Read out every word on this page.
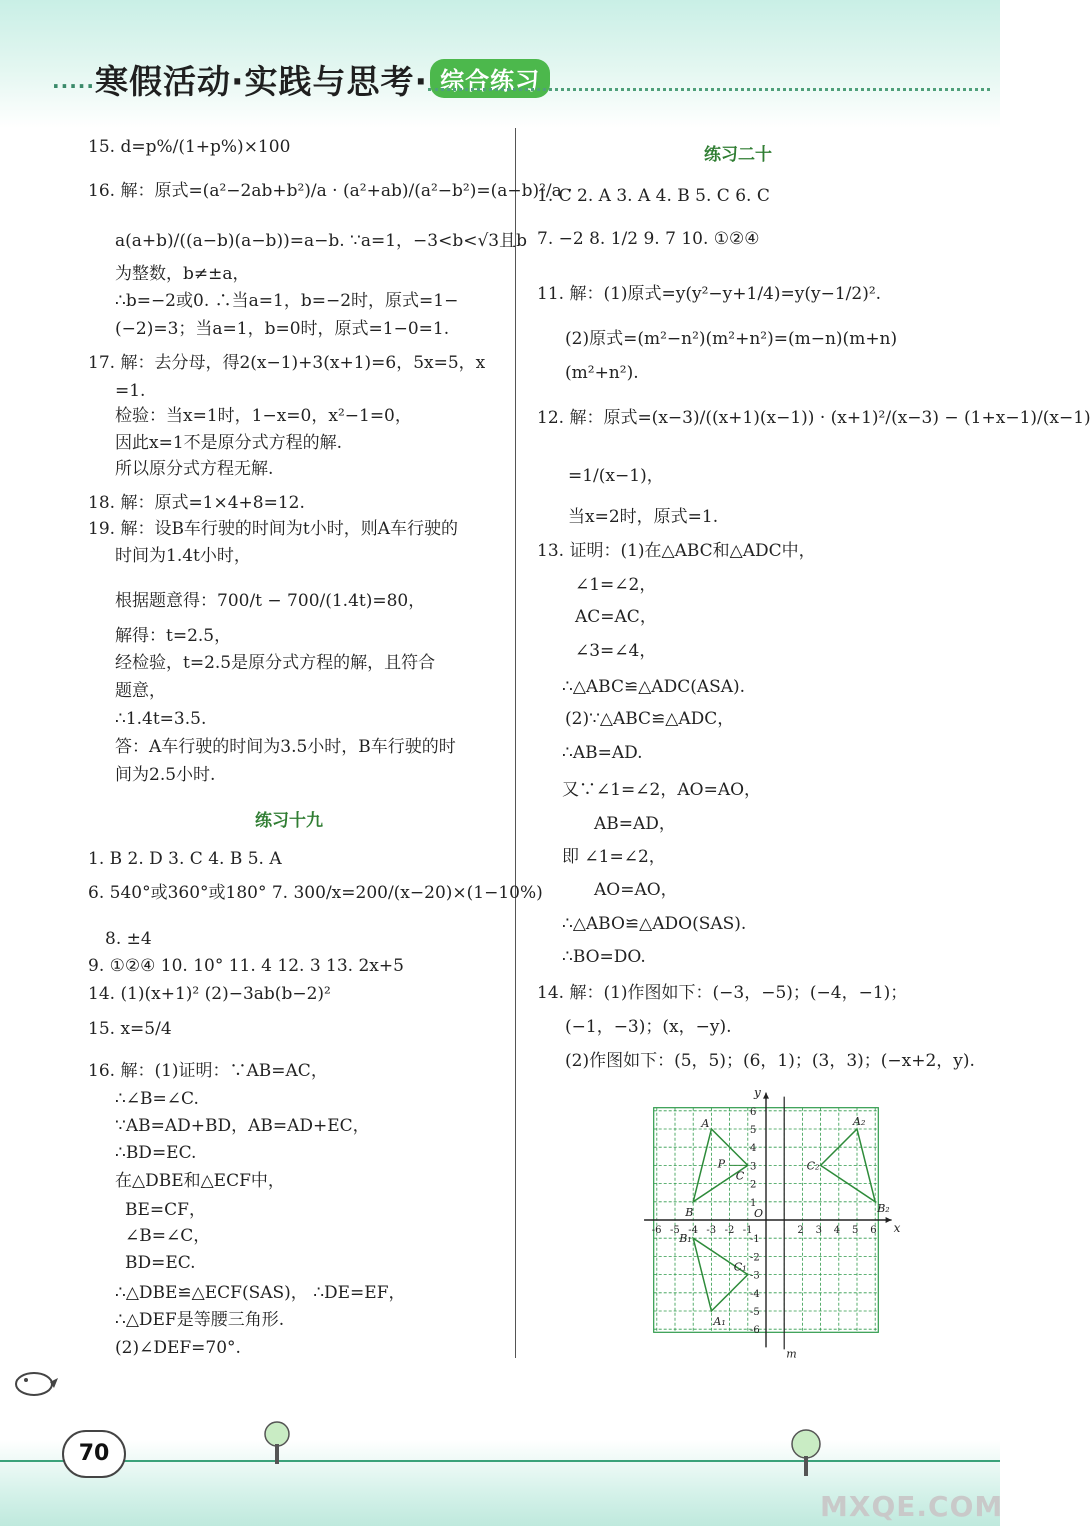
·····寒假活动·实践与思考· 综合练习
15. d=p%/(1+p%)×100
16. 解：原式=(a²−2ab+b²)/a · (a²+ab)/(a²−b²)=(a−b)²/a ·
a(a+b)/((a−b)(a−b))=a−b. ∵a=1，−3<b<√3且b
为整数，b≠±a，
∴b=−2或0. ∴当a=1，b=−2时，原式=1−
(−2)=3；当a=1，b=0时，原式=1−0=1.
17. 解：去分母，得2(x−1)+3(x+1)=6，5x=5，x
=1.
检验：当x=1时，1−x=0，x²−1=0，
因此x=1不是原分式方程的解.
所以原分式方程无解.
18. 解：原式=1×4+8=12.
19. 解：设B车行驶的时间为t小时，则A车行驶的
时间为1.4t小时，
根据题意得：700/t − 700/(1.4t)=80，
解得：t=2.5，
经检验，t=2.5是原分式方程的解，且符合
题意，
∴1.4t=3.5.
答：A车行驶的时间为3.5小时，B车行驶的时
间为2.5小时.
练习十九
1. B 2. D 3. C 4. B 5. A
6. 540°或360°或180° 7. 300/x=200/(x−20)×(1−10%)
8. ±4
9. ①②④ 10. 10° 11. 4 12. 3 13. 2x+5
14. (1)(x+1)² (2)−3ab(b−2)²
15. x=5/4
16. 解：(1)证明：∵AB=AC，
∴∠B=∠C.
∵AB=AD+BD，AB=AD+EC，
∴BD=EC.
在△DBE和△ECF中，
BE=CF，
∠B=∠C，
BD=EC.
∴△DBE≌△ECF(SAS)， ∴DE=EF，
∴△DEF是等腰三角形.
(2)∠DEF=70°.
练习二十
1. C 2. A 3. A 4. B 5. C 6. C
7. −2 8. 1/2 9. 7 10. ①②④
11. 解：(1)原式=y(y²−y+1/4)=y(y−1/2)².
(2)原式=(m²−n²)(m²+n²)=(m−n)(m+n)
(m²+n²).
12. 解：原式=(x−3)/((x+1)(x−1)) · (x+1)²/(x−3) − (1+x−1)/(x−1)
=1/(x−1)，
当x=2时，原式=1.
13. 证明：(1)在△ABC和△ADC中，
∠1=∠2，
AC=AC，
∠3=∠4，
∴△ABC≌△ADC(ASA).
(2)∵△ABC≌△ADC，
∴AB=AD.
又∵∠1=∠2，AO=AO，
AB=AD，
即 ∠1=∠2，
AO=AO，
∴△ABO≌△ADO(SAS).
∴BO=DO.
14. 解：(1)作图如下：(−3，−5)；(−4，−1)；
(−1，−3)；(x，−y).
(2)作图如下：(5，5)；(6，1)；(3，3)；(−x+2，y).
m
x
y
O
-6 -5 -4 -3 -2 -1	2 3 4 5 6
6
5
4
3
2
1
-1
-2
-3
-4
-5
-6
A
B
C
P
A₂
B₂
C₂
A₁
B₁
C₁
70
MXQE.COM
